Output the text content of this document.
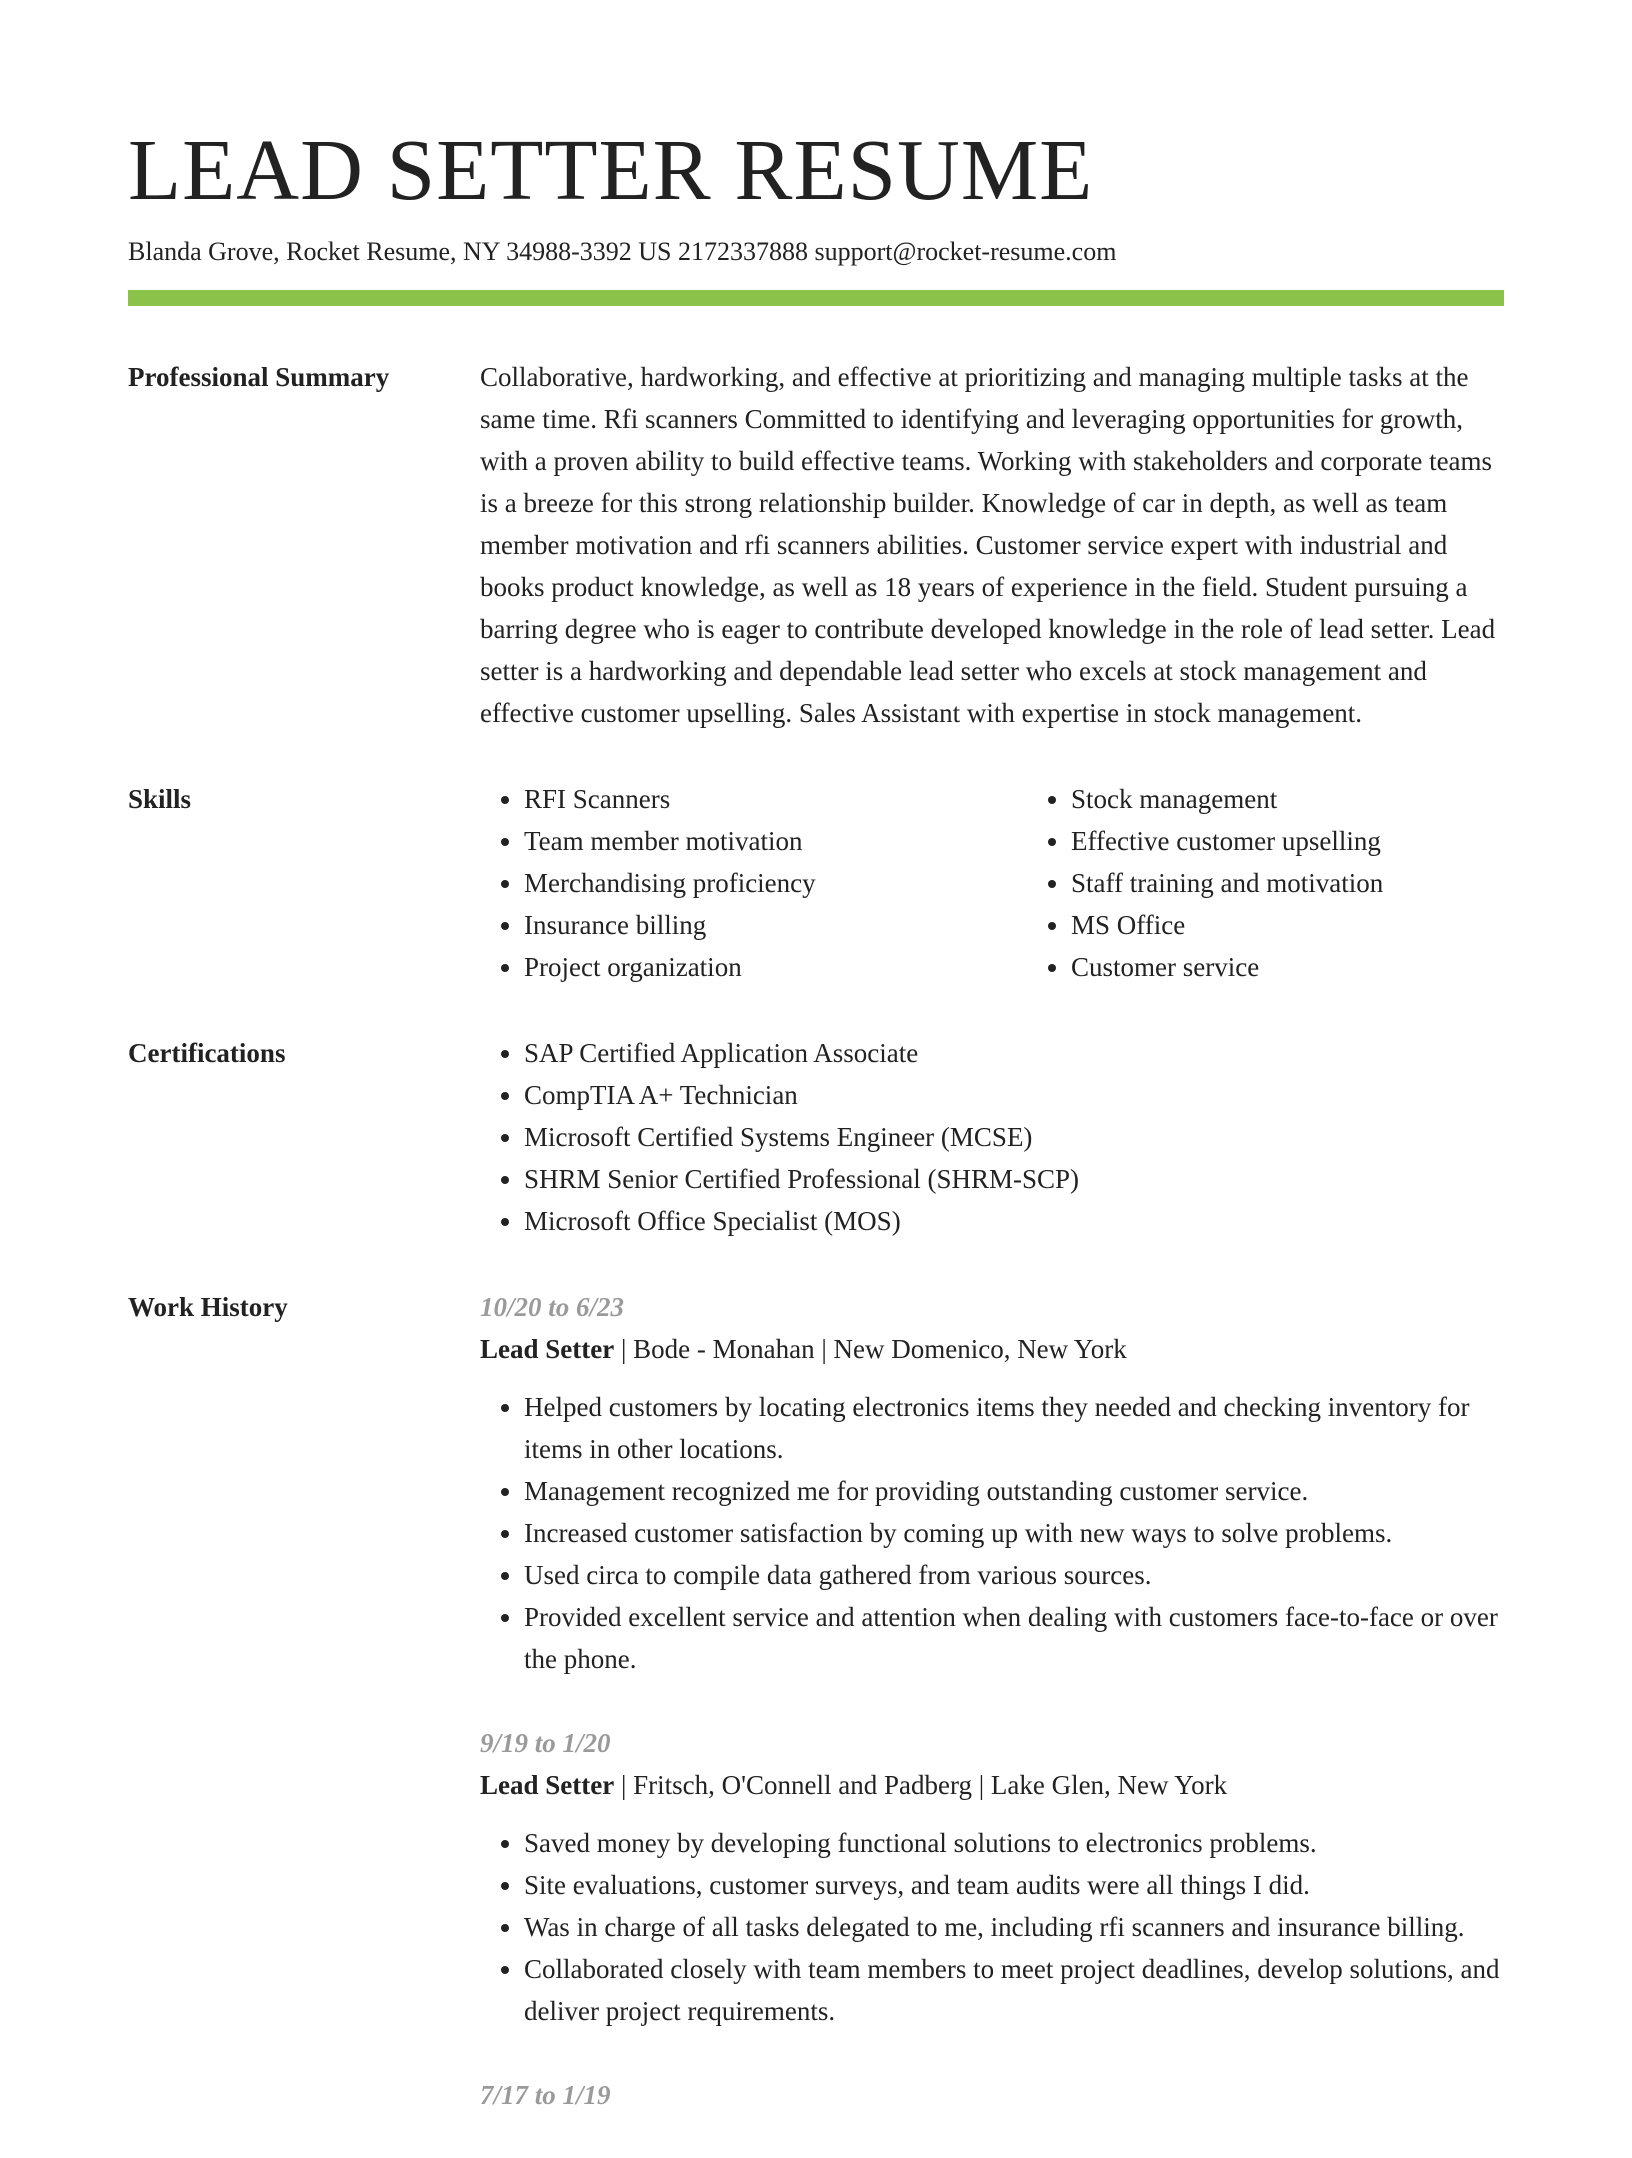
LEAD SETTER RESUME
Blanda Grove, Rocket Resume, NY 34988-3392 US 2172337888 support@rocket-resume.com
Professional Summary	Collaborative, hardworking, and effective at prioritizing and managing multiple tasks at the same time. Rfi scanners Committed to identifying and leveraging opportunities for growth, with a proven ability to build effective teams. Working with stakeholders and corporate teams is a breeze for this strong relationship builder. Knowledge of car in depth, as well as team member motivation and rfi scanners abilities. Customer service expert with industrial and books product knowledge, as well as 18 years of experience in the field. Student pursuing a barring degree who is eager to contribute developed knowledge in the role of lead setter. Lead setter is a hardworking and dependable lead setter who excels at stock management and effective customer upselling. Sales Assistant with expertise in stock management.

Skills	• RFI Scanners
• Team member motivation
• Merchandising proficiency
• Insurance billing
• Project organization
• Stock management
• Effective customer upselling
• Staff training and motivation
• MS Office
• Customer service
Certifications	• SAP Certified Application Associate
• CompTIA A+ Technician
• Microsoft Certified Systems Engineer (MCSE)
• SHRM Senior Certified Professional (SHRM-SCP)
• Microsoft Office Specialist (MOS)
Work History	10/20 to 6/23
Lead Setter | Bode - Monahan | New Domenico, New York
• Helped customers by locating electronics items they needed and checking inventory for items in other locations.
• Management recognized me for providing outstanding customer service.
• Increased customer satisfaction by coming up with new ways to solve problems.
• Used circa to compile data gathered from various sources.
• Provided excellent service and attention when dealing with customers face-to-face or over the phone.
9/19 to 1/20
Lead Setter | Fritsch, O'Connell and Padberg | Lake Glen, New York
• Saved money by developing functional solutions to electronics problems.
• Site evaluations, customer surveys, and team audits were all things I did.
• Was in charge of all tasks delegated to me, including rfi scanners and insurance billing.
• Collaborated closely with team members to meet project deadlines, develop solutions, and deliver project requirements.
7/17 to 1/19
